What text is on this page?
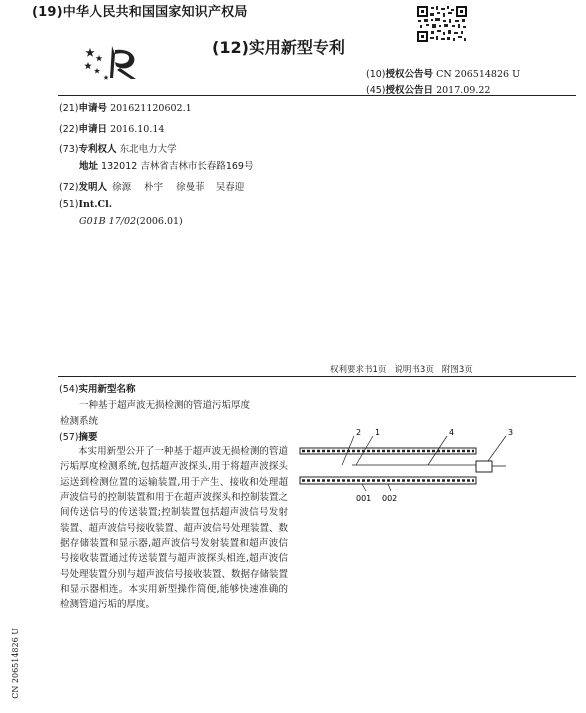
(19)中华人民共和国国家知识产权局
(12)实用新型专利
(10)授权公告号 CN 206514826 U
(45)授权公告日 2017.09.22
(21)申请号 201621120602.1
(22)申请日 2016.10.14
(73)专利权人 东北电力大学
地址 132012 吉林省吉林市长春路169号
(72)发明人 徐源 朴宇 徐曼菲 吴春迎
(51)Int.Cl.
G01B 17/02(2006.01)
权利要求书1页 说明书3页 附图3页
(54)实用新型名称
一种基于超声波无损检测的管道污垢厚度
检测系统
(57)摘要
本实用新型公开了一种基于超声波无损检测的管道污垢厚度检测系统,包括超声波探头,用于将超声波探头运送到检测位置的运输装置,用于产生、接收和处理超声波信号的控制装置和用于在超声波探头和控制装置之间传送信号的传送装置;控制装置包括超声波信号发射装置、超声波信号接收装置、超声波信号处理装置、数据存储装置和显示器,超声波信号发射装置和超声波信号接收装置通过传送装置与超声波探头相连,超声波信号处理装置分别与超声波信号接收装置、数据存储装置和显示器相连。本实用新型操作简便,能够快速准确的检测管道污垢的厚度。
2 1	4	3
001 002
CN 206514826 U
